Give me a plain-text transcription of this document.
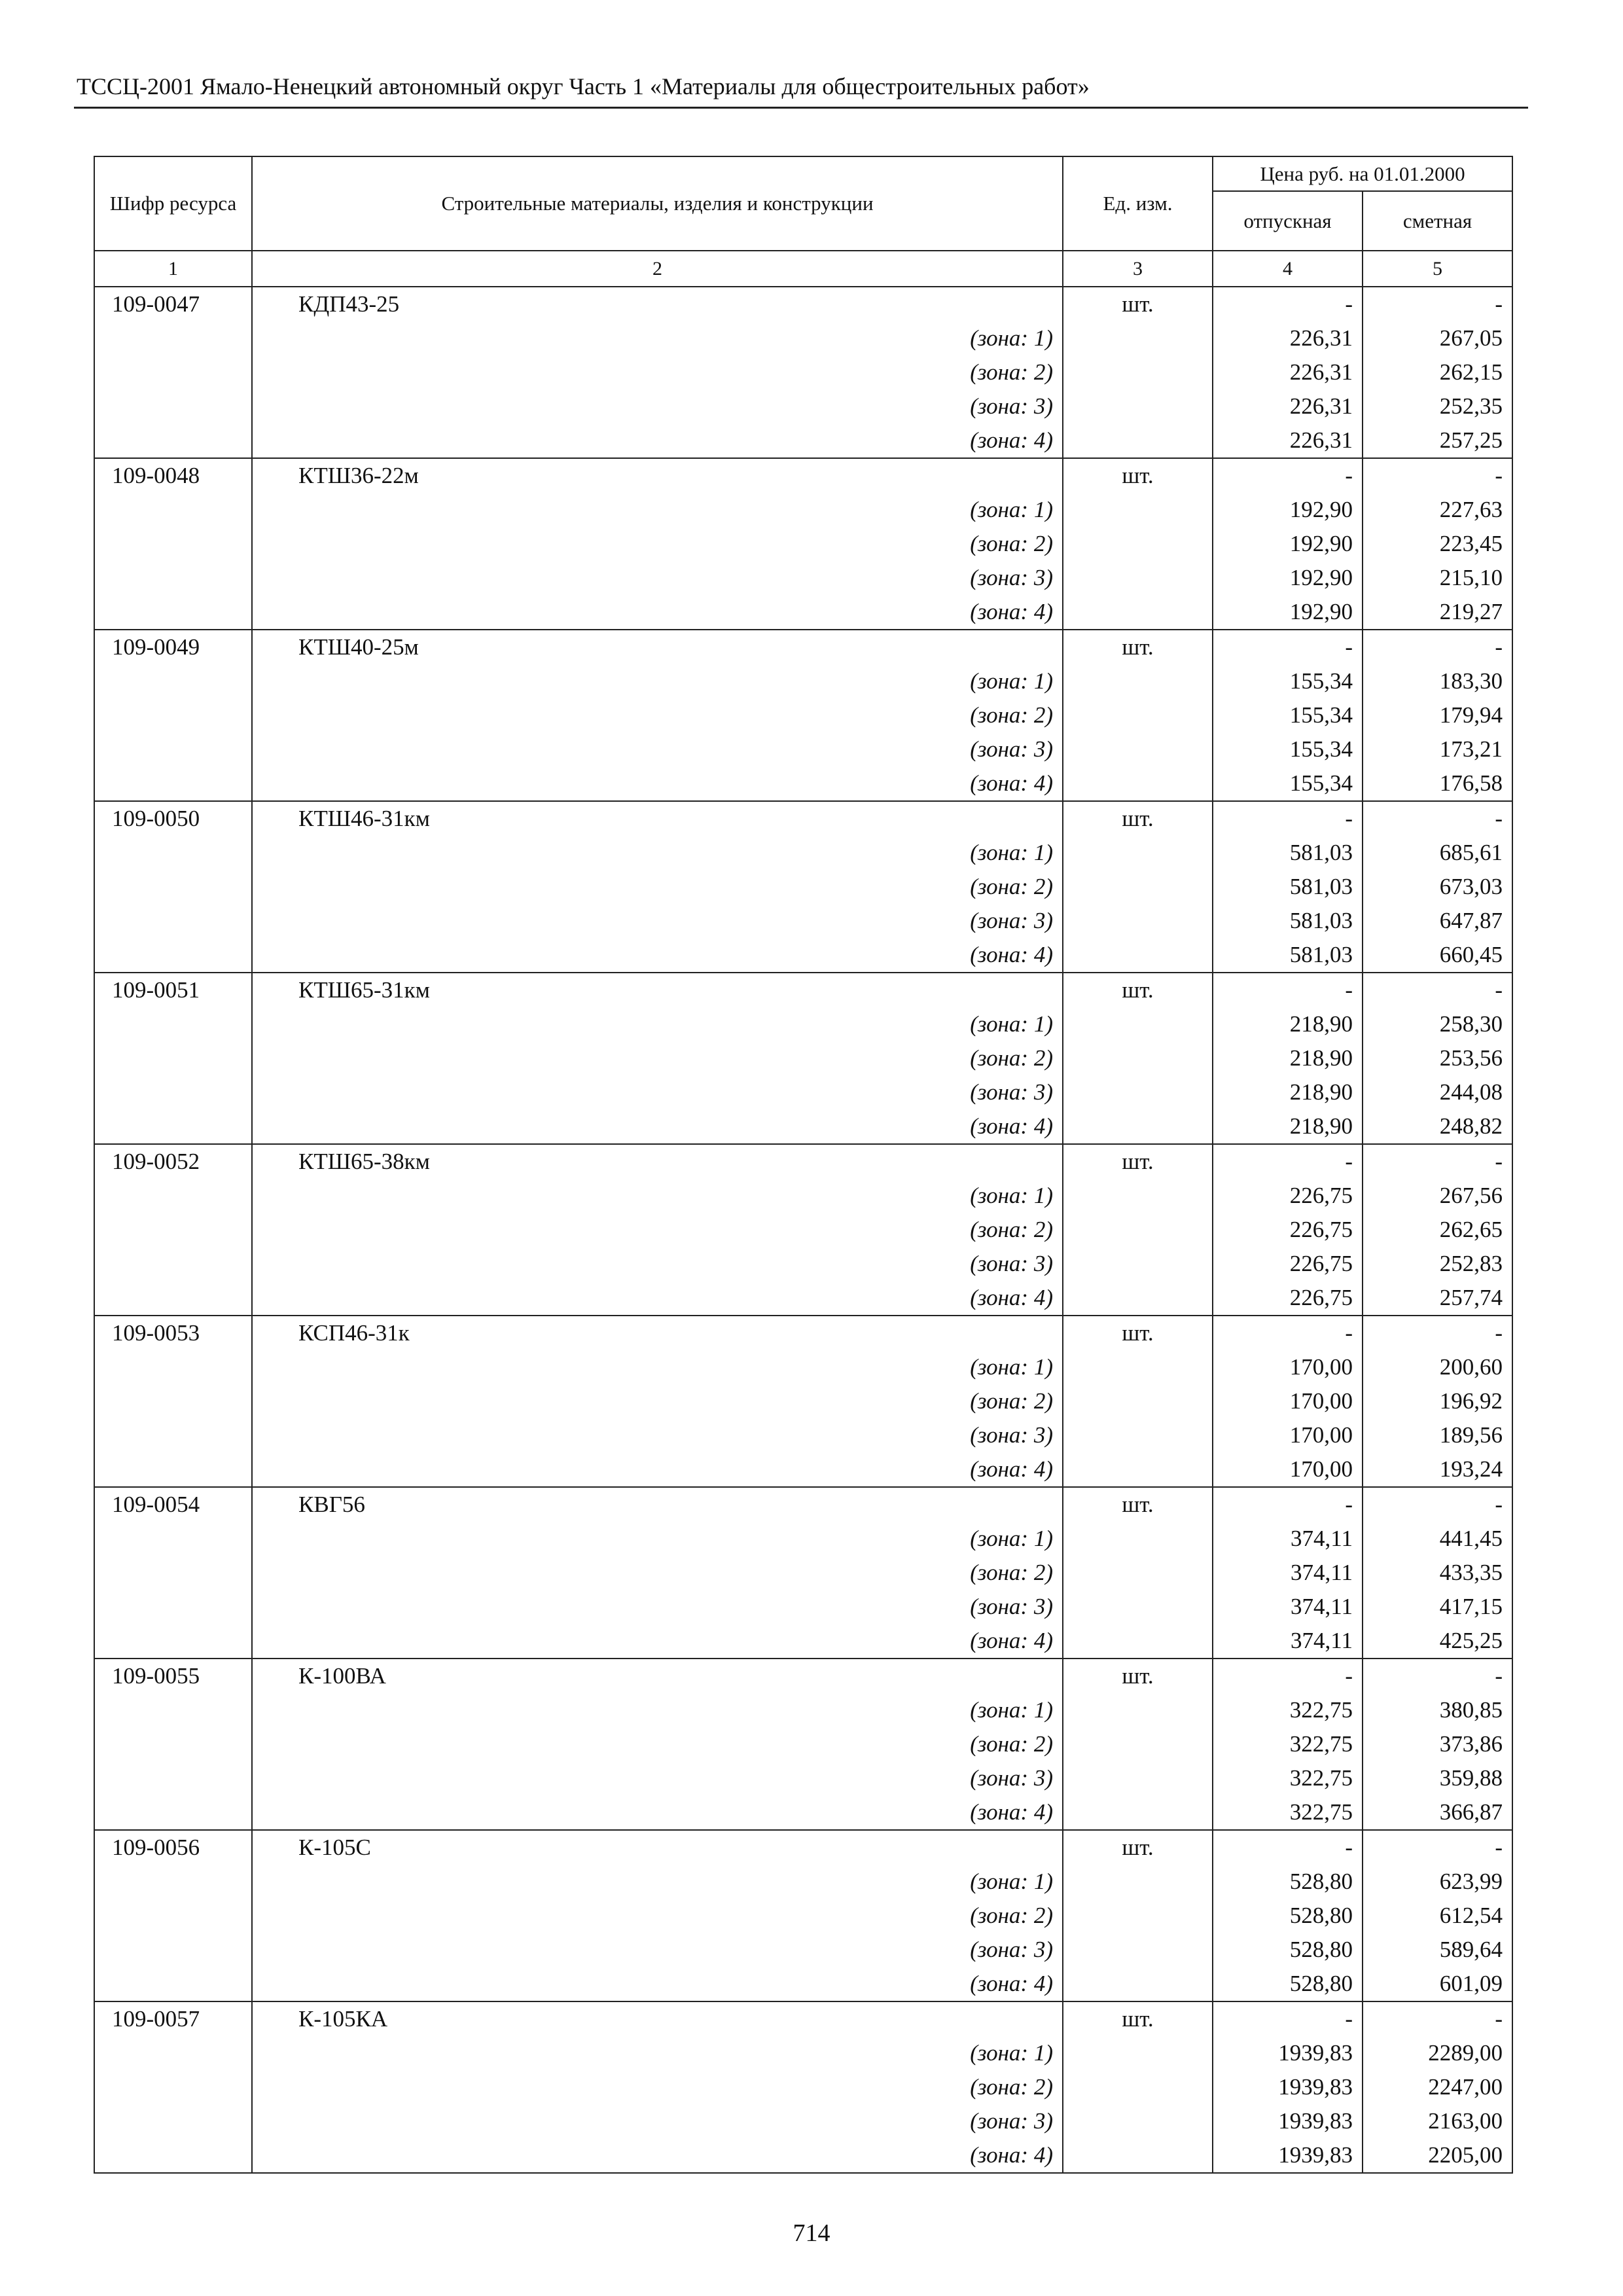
ТССЦ-2001 Ямало-Ненецкий автономный округ Часть 1 «Материалы для общестроительных работ»
Шифр ресурса	Строительные материалы, изделия и конструкции	Ед. изм.	Цена руб. на 01.01.2000	
			отпускная	сметная
1	2	3	4	5
109-0047	КДП43-25	шт.	-	-
	(зона: 1)		226,31	267,05
	(зона: 2)		226,31	262,15
	(зона: 3)		226,31	252,35
	(зона: 4)		226,31	257,25
109-0048	КТШ36-22м	шт.	-	-
	(зона: 1)		192,90	227,63
	(зона: 2)		192,90	223,45
	(зона: 3)		192,90	215,10
	(зона: 4)		192,90	219,27
109-0049	КТШ40-25м	шт.	-	-
	(зона: 1)		155,34	183,30
	(зона: 2)		155,34	179,94
	(зона: 3)		155,34	173,21
	(зона: 4)		155,34	176,58
109-0050	КТШ46-31км	шт.	-	-
	(зона: 1)		581,03	685,61
	(зона: 2)		581,03	673,03
	(зона: 3)		581,03	647,87
	(зона: 4)		581,03	660,45
109-0051	КТШ65-31км	шт.	-	-
	(зона: 1)		218,90	258,30
	(зона: 2)		218,90	253,56
	(зона: 3)		218,90	244,08
	(зона: 4)		218,90	248,82
109-0052	КТШ65-38км	шт.	-	-
	(зона: 1)		226,75	267,56
	(зона: 2)		226,75	262,65
	(зона: 3)		226,75	252,83
	(зона: 4)		226,75	257,74
109-0053	КСП46-31к	шт.	-	-
	(зона: 1)		170,00	200,60
	(зона: 2)		170,00	196,92
	(зона: 3)		170,00	189,56
	(зона: 4)		170,00	193,24
109-0054	КВГ56	шт.	-	-
	(зона: 1)		374,11	441,45
	(зона: 2)		374,11	433,35
	(зона: 3)		374,11	417,15
	(зона: 4)		374,11	425,25
109-0055	К-100ВА	шт.	-	-
	(зона: 1)		322,75	380,85
	(зона: 2)		322,75	373,86
	(зона: 3)		322,75	359,88
	(зона: 4)		322,75	366,87
109-0056	К-105С	шт.	-	-
	(зона: 1)		528,80	623,99
	(зона: 2)		528,80	612,54
	(зона: 3)		528,80	589,64
	(зона: 4)		528,80	601,09
109-0057	К-105КА	шт.	-	-
	(зона: 1)		1939,83	2289,00
	(зона: 2)		1939,83	2247,00
	(зона: 3)		1939,83	2163,00
	(зона: 4)		1939,83	2205,00
714
